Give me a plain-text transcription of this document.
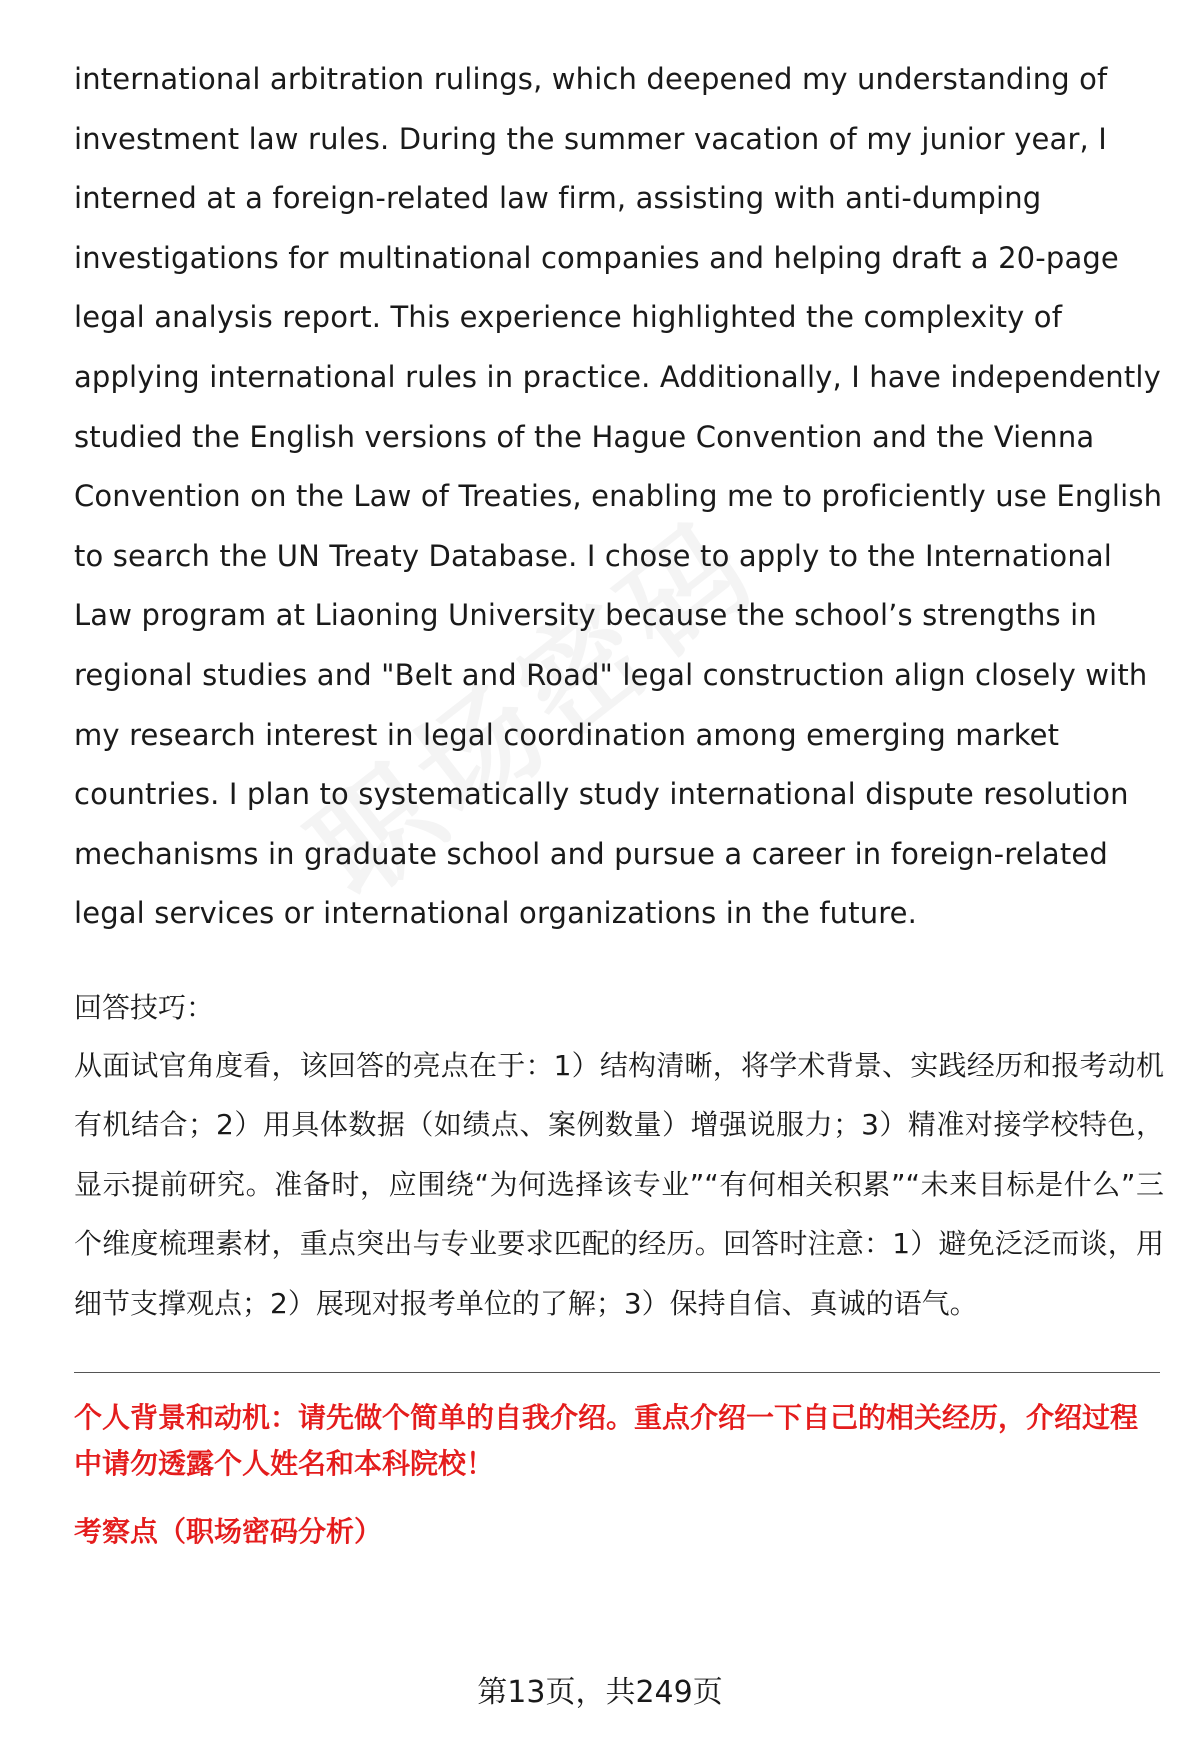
international arbitration rulings, which deepened my understanding of investment law rules. During the summer vacation of my junior year, I interned at a foreign-related law firm, assisting with anti-dumping investigations for multinational companies and helping draft a 20-page legal analysis report. This experience highlighted the complexity of applying international rules in practice. Additionally, I have independently studied the English versions of the Hague Convention and the Vienna Convention on the Law of Treaties, enabling me to proficiently use English to search the UN Treaty Database. I chose to apply to the International Law program at Liaoning University because the school’s strengths in regional studies and "Belt and Road" legal construction align closely with my research interest in legal coordination among emerging market countries. I plan to systematically study international dispute resolution mechanisms in graduate school and pursue a career in foreign-related legal services or international organizations in the future.

回答技巧：

从面试官角度看，该回答的亮点在于：1）结构清晰，将学术背景、实践经历和报考动机有机结合；2）用具体数据（如绩点、案例数量）增强说服力；3）精准对接学校特色，显示提前研究。准备时，应围绕“为何选择该专业”“有何相关积累”“未来目标是什么”三个维度梳理素材，重点突出与专业要求匹配的经历。回答时注意：1）避免泛泛而谈，用细节支撑观点；2）展现对报考单位的了解；3）保持自信、真诚的语气。

个人背景和动机：请先做个简单的自我介绍。重点介绍一下自己的相关经历，介绍过程中请勿透露个人姓名和本科院校！

考察点（职场密码分析）

第13页，共249页
